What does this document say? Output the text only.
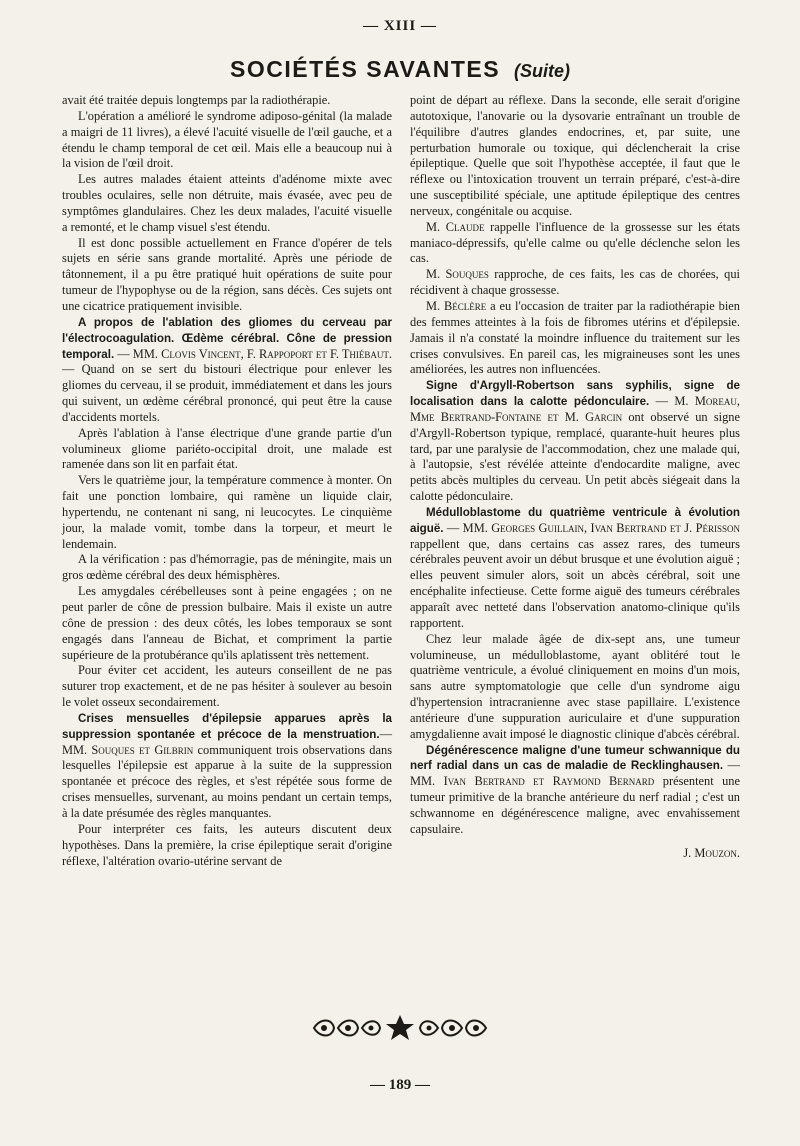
— XIII —
SOCIÉTÉS SAVANTES (Suite)

avait été traitée depuis longtemps par la radiothérapie.

L'opération a amélioré le syndrome adiposo-génital (la malade a maigri de 11 livres), a élevé l'acuité visuelle de l'œil gauche, et a étendu le champ temporal de cet œil. Mais elle a beaucoup nui à la vision de l'œil droit.

Les autres malades étaient atteints d'adénome mixte avec troubles oculaires, selle non détruite, mais évasée, avec peu de symptômes glandulaires. Chez les deux malades, l'acuité visuelle a remonté, et le champ visuel s'est étendu.

Il est donc possible actuellement en France d'opérer de tels sujets en série sans grande mortalité. Après une période de tâtonnement, il a pu être pratiqué huit opérations de suite pour tumeur de l'hypophyse ou de la région, sans décès. Ces sujets ont une cicatrice pratiquement invisible.

A propos de l'ablation des gliomes du cerveau par l'électrocoagulation. Œdème cérébral. Cône de pression temporal. — MM. Clovis Vincent, F. Rappoport et F. Thiébaut. — Quand on se sert du bistouri électrique pour enlever les gliomes du cerveau, il se produit, immédiatement et dans les jours qui suivent, un œdème cérébral prononcé, qui peut être la cause d'accidents mortels.

Après l'ablation à l'anse électrique d'une grande partie d'un volumineux gliome pariéto-occipital droit, une malade est ramenée dans son lit en parfait état.

Vers le quatrième jour, la température commence à monter. On fait une ponction lombaire, qui ramène un liquide clair, hypertendu, ne contenant ni sang, ni leucocytes. Le cinquième jour, la malade vomit, tombe dans la torpeur, et meurt le lendemain.

A la vérification : pas d'hémorragie, pas de méningite, mais un gros œdème cérébral des deux hémisphères.

Les amygdales cérébelleuses sont à peine engagées ; on ne peut parler de cône de pression bulbaire. Mais il existe un autre cône de pression : des deux côtés, les lobes temporaux se sont engagés dans l'anneau de Bichat, et compriment la partie supérieure de la protubérance qu'ils aplatissent très nettement.

Pour éviter cet accident, les auteurs conseillent de ne pas suturer trop exactement, et de ne pas hésiter à soulever au besoin le volet osseux secondairement.

Crises mensuelles d'épilepsie apparues après la suppression spontanée et précoce de la menstruation.— MM. Souques et Gilbrin communiquent trois observations dans lesquelles l'épilepsie est apparue à la suite de la suppression spontanée et précoce des règles, et s'est répétée sous forme de crises mensuelles, survenant, au moins pendant un certain temps, à la date présumée des règles manquantes.

Pour interpréter ces faits, les auteurs discutent deux hypothèses. Dans la première, la crise épileptique serait d'origine réflexe, l'altération ovario-utérine servant de

point de départ au réflexe. Dans la seconde, elle serait d'origine autotoxique, l'anovarie ou la dysovarie entraînant un trouble de l'équilibre d'autres glandes endocrines, et, par suite, une perturbation humorale ou toxique, qui déclencherait la crise épileptique. Quelle que soit l'hypothèse acceptée, il faut que le réflexe ou l'intoxication trouvent un terrain préparé, c'est-à-dire une susceptibilité spéciale, une aptitude épileptique des centres nerveux, congénitale ou acquise.

M. Claude rappelle l'influence de la grossesse sur les états maniaco-dépressifs, qu'elle calme ou qu'elle déclenche selon les cas.

M. Souques rapproche, de ces faits, les cas de chorées, qui récidivent à chaque grossesse.

M. Béclère a eu l'occasion de traiter par la radiothérapie bien des femmes atteintes à la fois de fibromes utérins et d'épilepsie. Jamais il n'a constaté la moindre influence du traitement sur les crises convulsives. En pareil cas, les migraineuses sont les unes améliorées, les autres non influencées.

Signe d'Argyll-Robertson sans syphilis, signe de localisation dans la calotte pédonculaire. — M. Moreau, Mme Bertrand-Fontaine et M. Garcin ont observé un signe d'Argyll-Robertson typique, remplacé, quarante-huit heures plus tard, par une paralysie de l'accommodation, chez une malade qui, à l'autopsie, s'est révélée atteinte d'endocardite maligne, avec petits abcès multiples du cerveau. Un petit abcès siégeait dans la calotte pédonculaire.

Médulloblastome du quatrième ventricule à évolution aiguë. — MM. Georges Guillain, Ivan Bertrand et J. Périsson rappellent que, dans certains cas assez rares, des tumeurs cérébrales peuvent avoir un début brusque et une évolution aiguë ; elles peuvent simuler alors, soit un abcès cérébral, soit une encéphalite infectieuse. Cette forme aiguë des tumeurs cérébrales apparaît avec netteté dans l'observation anatomo-clinique qu'ils rapportent.

Chez leur malade âgée de dix-sept ans, une tumeur volumineuse, un médulloblastome, ayant oblitéré tout le quatrième ventricule, a évolué cliniquement en moins d'un mois, sans autre symptomatologie que celle d'un syndrome aigu d'hypertension intracranienne avec stase papillaire. L'existence antérieure d'une suppuration auriculaire et d'une suppuration amygdalienne avait imposé le diagnostic clinique d'abcès cérébral.

Dégénérescence maligne d'une tumeur schwannique du nerf radial dans un cas de maladie de Recklinghausen. — MM. Ivan Bertrand et Raymond Bernard présentent une tumeur primitive de la branche antérieure du nerf radial ; c'est un schwannome en dégénérescence maligne, avec envahissement capsulaire.

J. Mouzon.

— 189 —
